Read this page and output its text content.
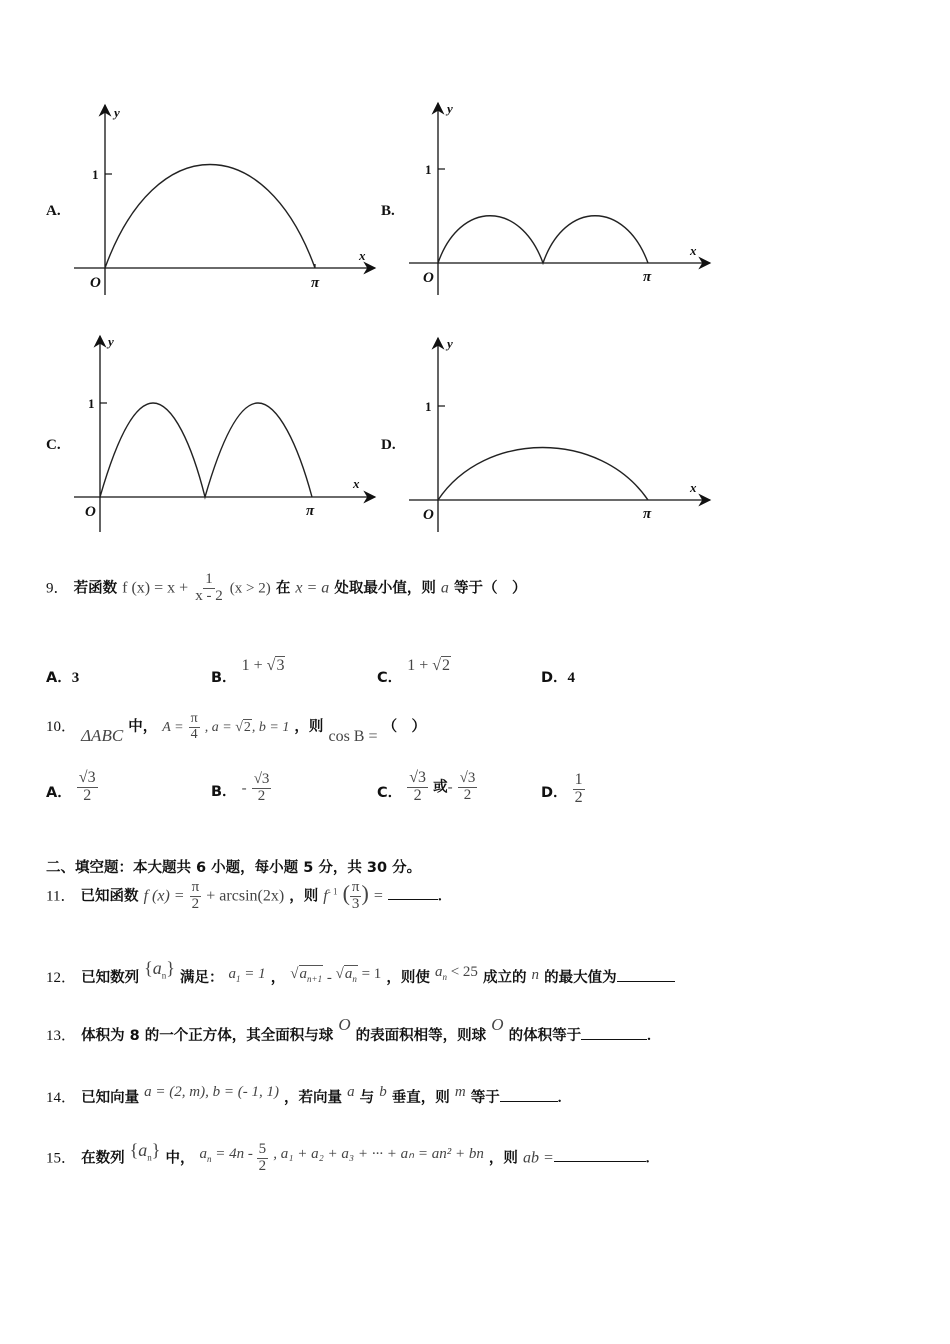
A.
y
x
O
1
π
B.
y
x
O
1
π
C.
y
x
O
1
π
D.
y
x
O
1
π
9． 若函数 f $(x) = x + \frac{1}{x - 2} (x > 2)$ 在 x = a 处取最小值，则 a 等于（　）
A．3	B． 1 + √3
C． 1 + √2
D．4
10． ΔABC 中， $A = \frac{\pi}{4}$ , a = √2, b = 1 ，则 cos B = （　）
A． $\frac{√3}{2}$	B． - $\frac{√3}{2}$	C． $\frac{√3}{2}$ 或- $\frac{√3}{2}$	D． $\frac{1}{2}$
二、填空题：本大题共 6 小题，每小题 5 分，共 30 分。
11． 已知函数 f $(x) = \frac{\pi}{2} + \arcsin(2x)$ ，则 $f^{- 1}$ ( $\frac{\pi}{3}$ ) =	.
12． 已知数列 $\{a_n\}$ 满足： $a_1 = 1$ ， $√a_{n+1} - √a_n = 1$ ，则使 $a_n < 25$ 成立的 n 的最大值为
13． 体积为 8 的一个正方体，其全面积与球 O 的表面积相等，则球 O 的体积等于	.
14． 已知向量 a = (2, m), b = (- 1, 1) ，若向量 a 与 b 垂直，则 m 等于	.
15． 在数列 $\{a_n\}$ 中， $a_n = 4n - \frac{5}{2}$ , a₁ + a₂ + a₃ + ··· + aₙ = an² + bn ，则 ab =	.
